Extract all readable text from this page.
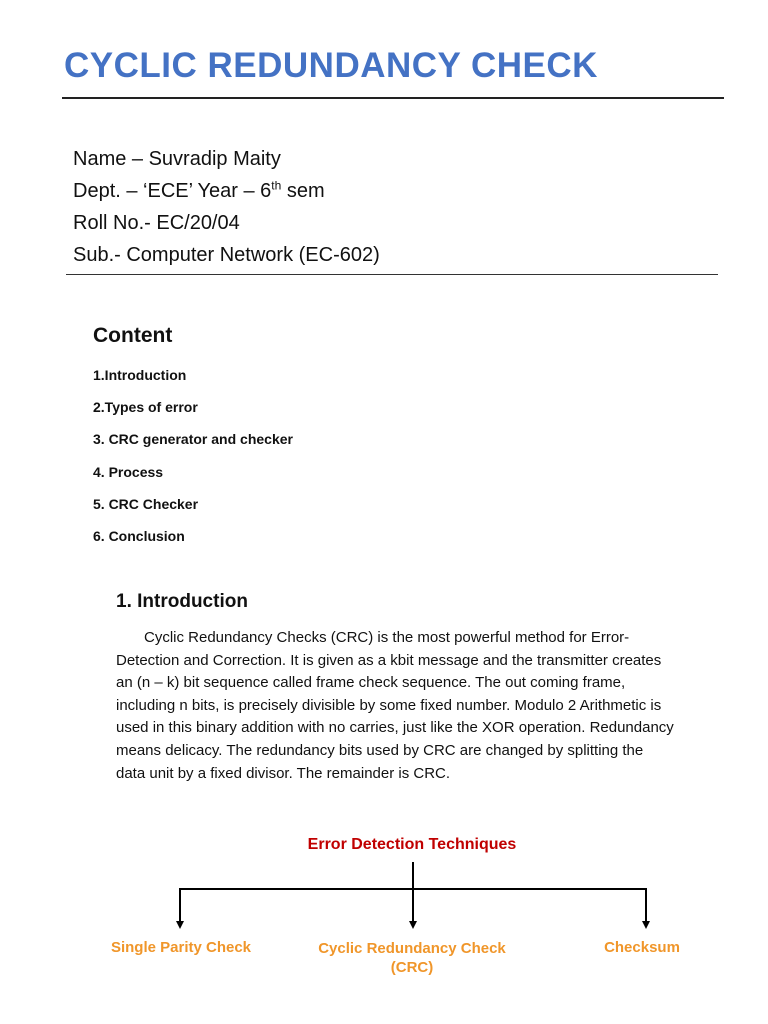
CYCLIC REDUNDANCY CHECK
Name – Suvradip Maity
Dept. – ‘ECE’ Year – 6th sem
Roll No.- EC/20/04
Sub.- Computer Network (EC-602)
Content
1.Introduction
2.Types of error
3. CRC generator and checker
4. Process
5. CRC Checker
6. Conclusion
1. Introduction

Cyclic Redundancy Checks (CRC) is the most powerful method for Error-Detection and Correction. It is given as a kbit message and the transmitter creates an (n – k) bit sequence called frame check sequence. The out coming frame, including n bits, is precisely divisible by some fixed number. Modulo 2 Arithmetic is used in this binary addition with no carries, just like the XOR operation. Redundancy means delicacy. The redundancy bits used by CRC are changed by splitting the data unit by a fixed divisor. The remainder is CRC.

Error Detection Techniques
Single Parity Check	Cyclic Redundancy Check (CRC)
Checksum
